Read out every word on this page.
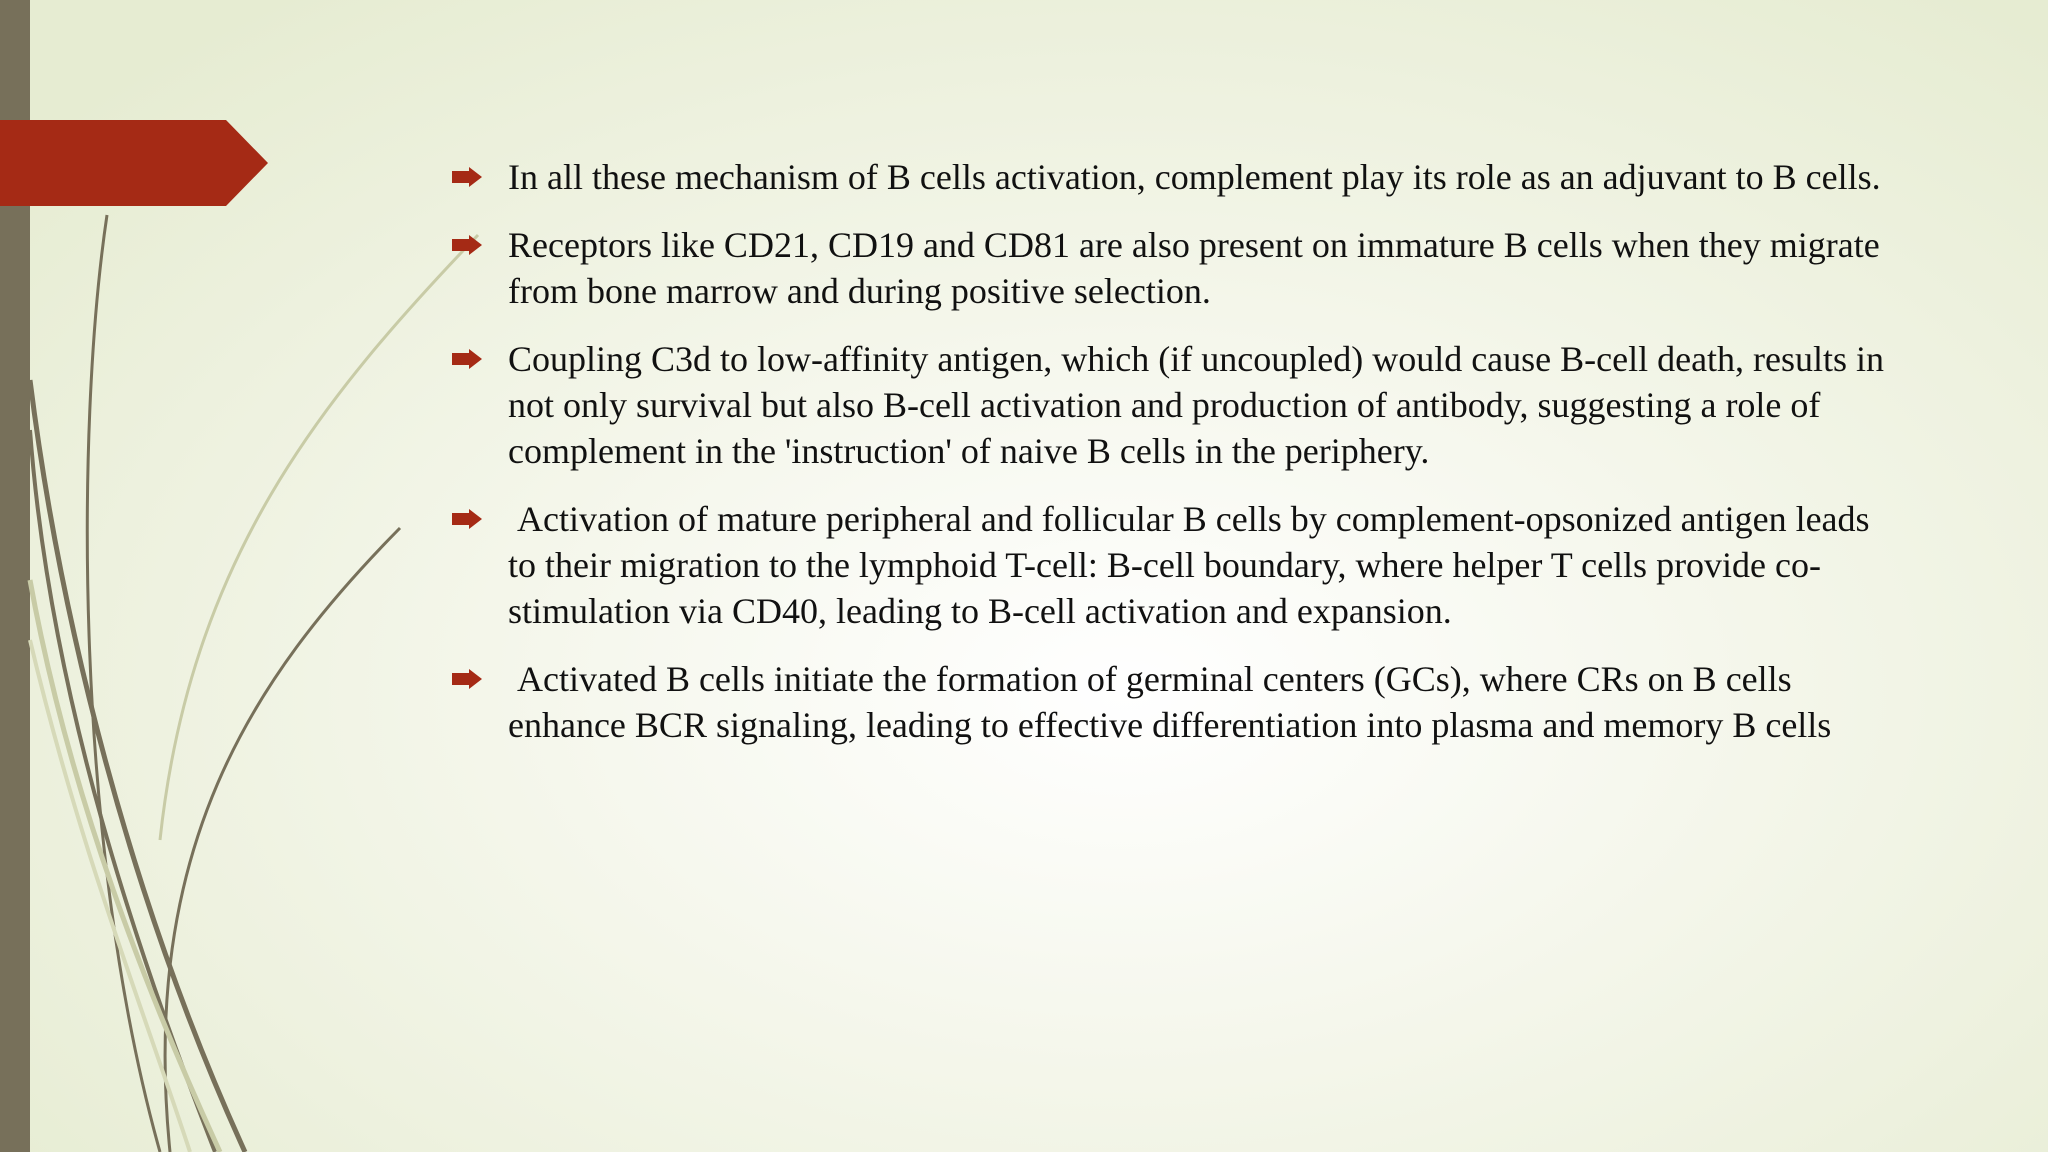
In all these mechanism of B cells activation, complement play its role as an adjuvant to B cells.
Receptors like CD21, CD19 and CD81 are also present on immature B cells when they migrate from bone marrow and during positive selection.
Coupling C3d to low-affinity antigen, which (if uncoupled) would cause B-cell death, results in not only survival but also B-cell activation and production of antibody, suggesting a role of complement in the 'instruction' of naive B cells in the periphery.
Activation of mature peripheral and follicular B cells by complement-opsonized antigen leads to their migration to the lymphoid T-cell: B-cell boundary, where helper T cells provide co-stimulation via CD40, leading to B-cell activation and expansion.
Activated B cells initiate the formation of germinal centers (GCs), where CRs on B cells enhance BCR signaling, leading to effective differentiation into plasma and memory B cells
